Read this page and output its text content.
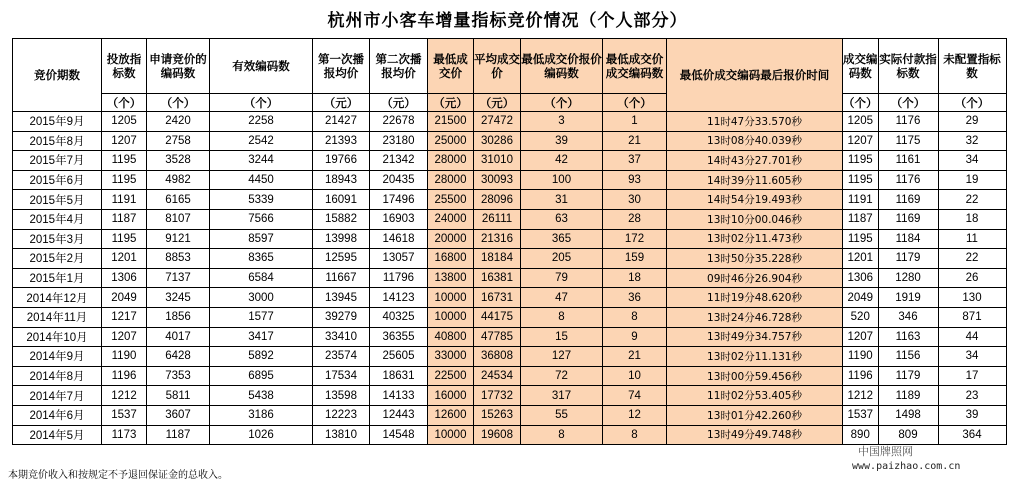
杭州市小客车增量指标竞价情况（个人部分）
竞价期数	投放指标数	申请竞价的编码数	有效编码数	第一次播报均价	第二次播报均价	最低成交价	平均成交价	最低成交价报价编码数	最低成交价成交编码数	最低价成交编码最后报价时间	成交编码数	实际付款指标数	未配置指标数
	（个）	（个）	（个）	（元）	（元）	（元）	（元）	（个）	（个）		（个）	（个）	（个）
2015年9月	1205	2420	2258	21427	22678	21500	27472	3	1	11时47分33.570秒	1205	1176	29
2015年8月	1207	2758	2542	21393	23180	25000	30286	39	21	13时08分40.039秒	1207	1175	32
2015年7月	1195	3528	3244	19766	21342	28000	31010	42	37	14时43分27.701秒	1195	1161	34
2015年6月	1195	4982	4450	18943	20435	28000	30093	100	93	14时39分11.605秒	1195	1176	19
2015年5月	1191	6165	5339	16091	17496	25500	28096	31	30	14时54分19.493秒	1191	1169	22
2015年4月	1187	8107	7566	15882	16903	24000	26111	63	28	13时10分00.046秒	1187	1169	18
2015年3月	1195	9121	8597	13998	14618	20000	21316	365	172	13时02分11.473秒	1195	1184	11
2015年2月	1201	8853	8365	12595	13057	16800	18184	205	159	13时50分35.228秒	1201	1179	22
2015年1月	1306	7137	6584	11667	11796	13800	16381	79	18	09时46分26.904秒	1306	1280	26
2014年12月	2049	3245	3000	13945	14123	10000	16731	47	36	11时19分48.620秒	2049	1919	130
2014年11月	1217	1856	1577	39279	40325	10000	44175	8	8	13时24分46.728秒	520	346	871
2014年10月	1207	4017	3417	33410	36355	40800	47785	15	9	13时49分34.757秒	1207	1163	44
2014年9月	1190	6428	5892	23574	25605	33000	36808	127	21	13时02分11.131秒	1190	1156	34
2014年8月	1196	7353	6895	17534	18631	22500	24534	72	10	13时00分59.456秒	1196	1179	17
2014年7月	1212	5811	5438	13598	14133	16000	17732	317	74	11时02分53.405秒	1212	1189	23
2014年6月	1537	3607	3186	12223	12443	12600	15263	55	12	13时01分42.260秒	1537	1498	39
2014年5月	1173	1187	1026	13810	14548	10000	19608	8	8	13时49分49.748秒	890	809	364
本期竞价收入和按规定不予退回保证金的总收入。
中国牌照网
www.paizhao.com.cn
